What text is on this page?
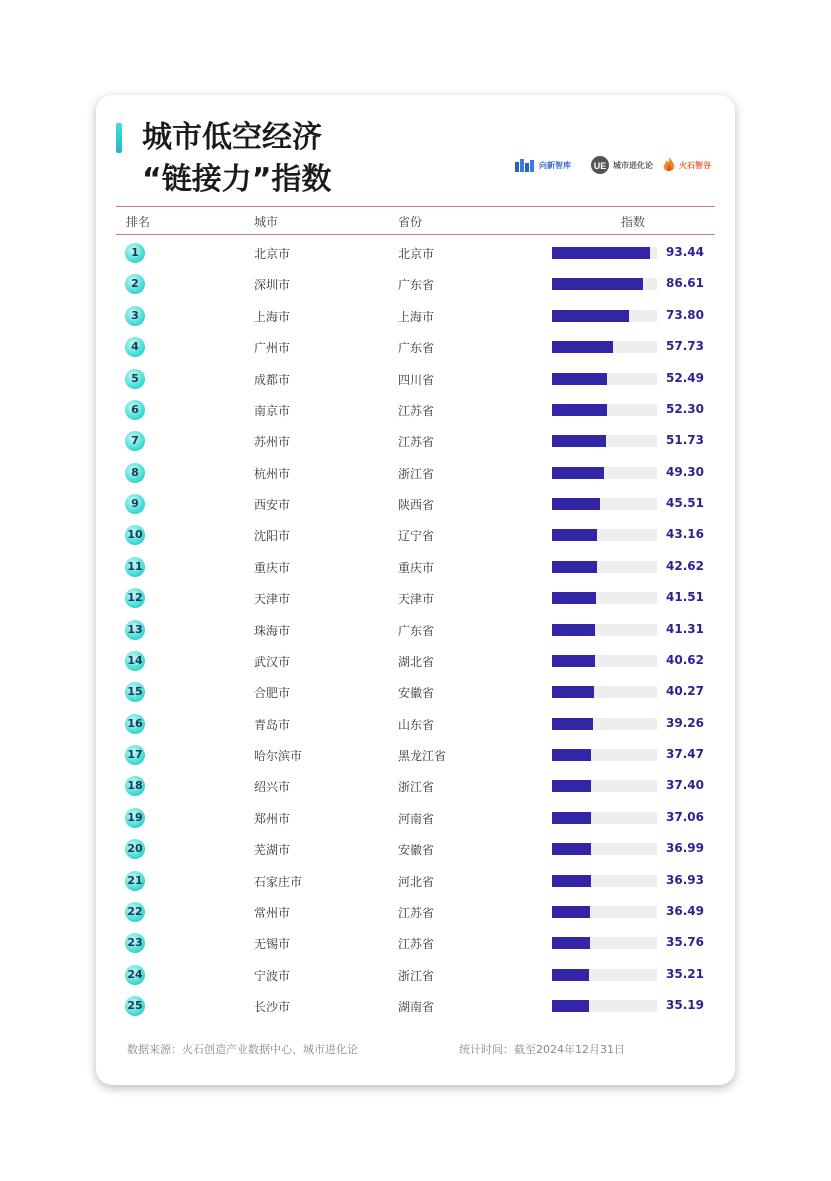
城市低空经济
“链接力”指数	向新智库	UE 城市进化论	火石智谷
排名	城市	省份	指数
1	北京市	北京市	93.44
2	深圳市	广东省	86.61
3	上海市	上海市	73.80
4	广州市	广东省	57.73
5	成都市	四川省	52.49
6	南京市	江苏省	52.30
7	苏州市	江苏省	51.73
8	杭州市	浙江省	49.30
9	西安市	陕西省	45.51
10	沈阳市	辽宁省	43.16
11	重庆市	重庆市	42.62
12	天津市	天津市	41.51
13	珠海市	广东省	41.31
14	武汉市	湖北省	40.62
15	合肥市	安徽省	40.27
16	青岛市	山东省	39.26
17	哈尔滨市	黑龙江省	37.47
18	绍兴市	浙江省	37.40
19	郑州市	河南省	37.06
20	芜湖市	安徽省	36.99
21	石家庄市	河北省	36.93
22	常州市	江苏省	36.49
23	无锡市	江苏省	35.76
24	宁波市	浙江省	35.21
25	长沙市	湖南省	35.19
数据来源：火石创造产业数据中心、城市进化论	统计时间：截至2024年12月31日
